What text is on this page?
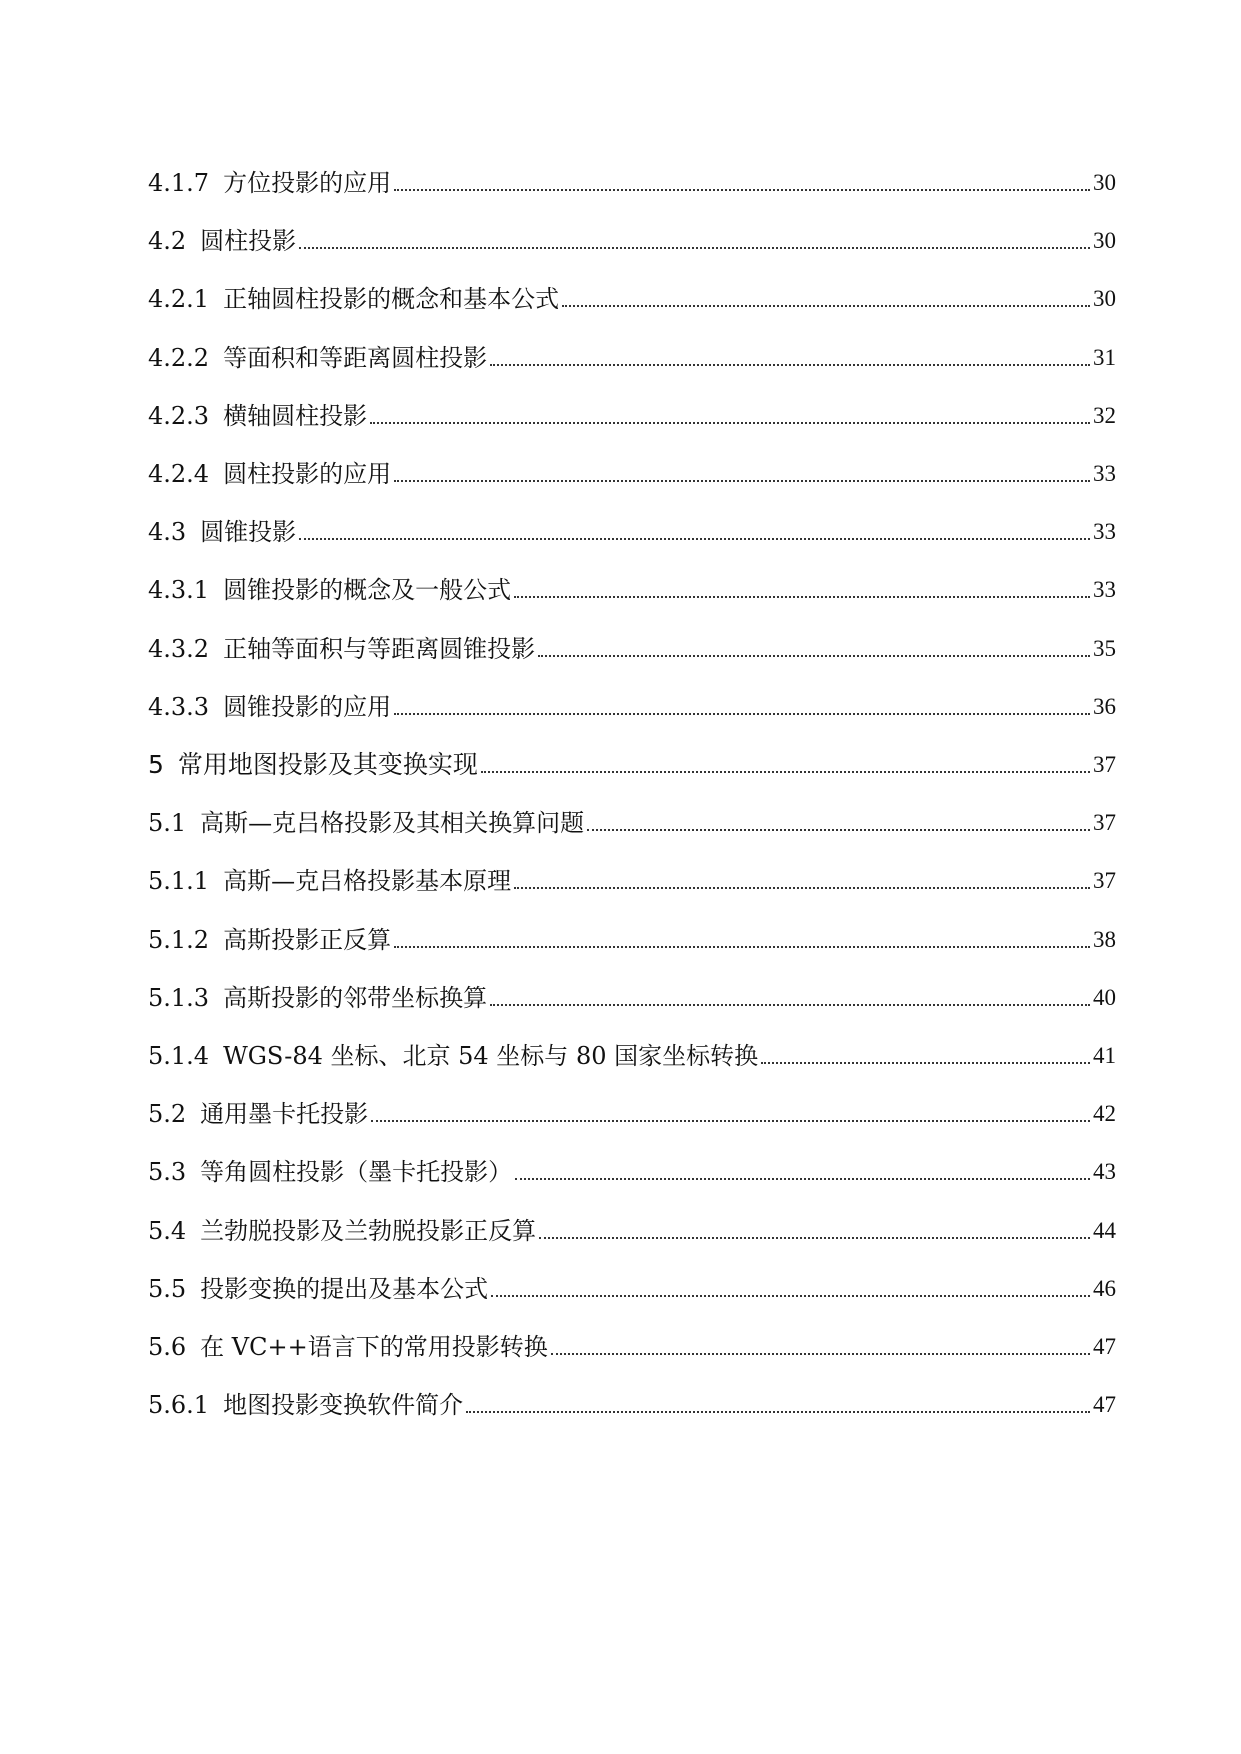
4.1.7 方位投影的应用	30
4.2 圆柱投影	30
4.2.1 正轴圆柱投影的概念和基本公式	30
4.2.2 等面积和等距离圆柱投影	31
4.2.3 横轴圆柱投影	32
4.2.4 圆柱投影的应用	33
4.3 圆锥投影	33
4.3.1 圆锥投影的概念及一般公式	33
4.3.2 正轴等面积与等距离圆锥投影	35
4.3.3 圆锥投影的应用	36
5 常用地图投影及其变换实现	37
5.1 高斯—克吕格投影及其相关换算问题	37
5.1.1 高斯—克吕格投影基本原理	37
5.1.2 高斯投影正反算	38
5.1.3 高斯投影的邻带坐标换算	40
5.1.4 WGS-84 坐标、北京 54 坐标与 80 国家坐标转换	41
5.2 通用墨卡托投影	42
5.3 等角圆柱投影（墨卡托投影）	43
5.4 兰勃脱投影及兰勃脱投影正反算	44
5.5 投影变换的提出及基本公式	46
5.6 在 VC++语言下的常用投影转换	47
5.6.1 地图投影变换软件简介	47
